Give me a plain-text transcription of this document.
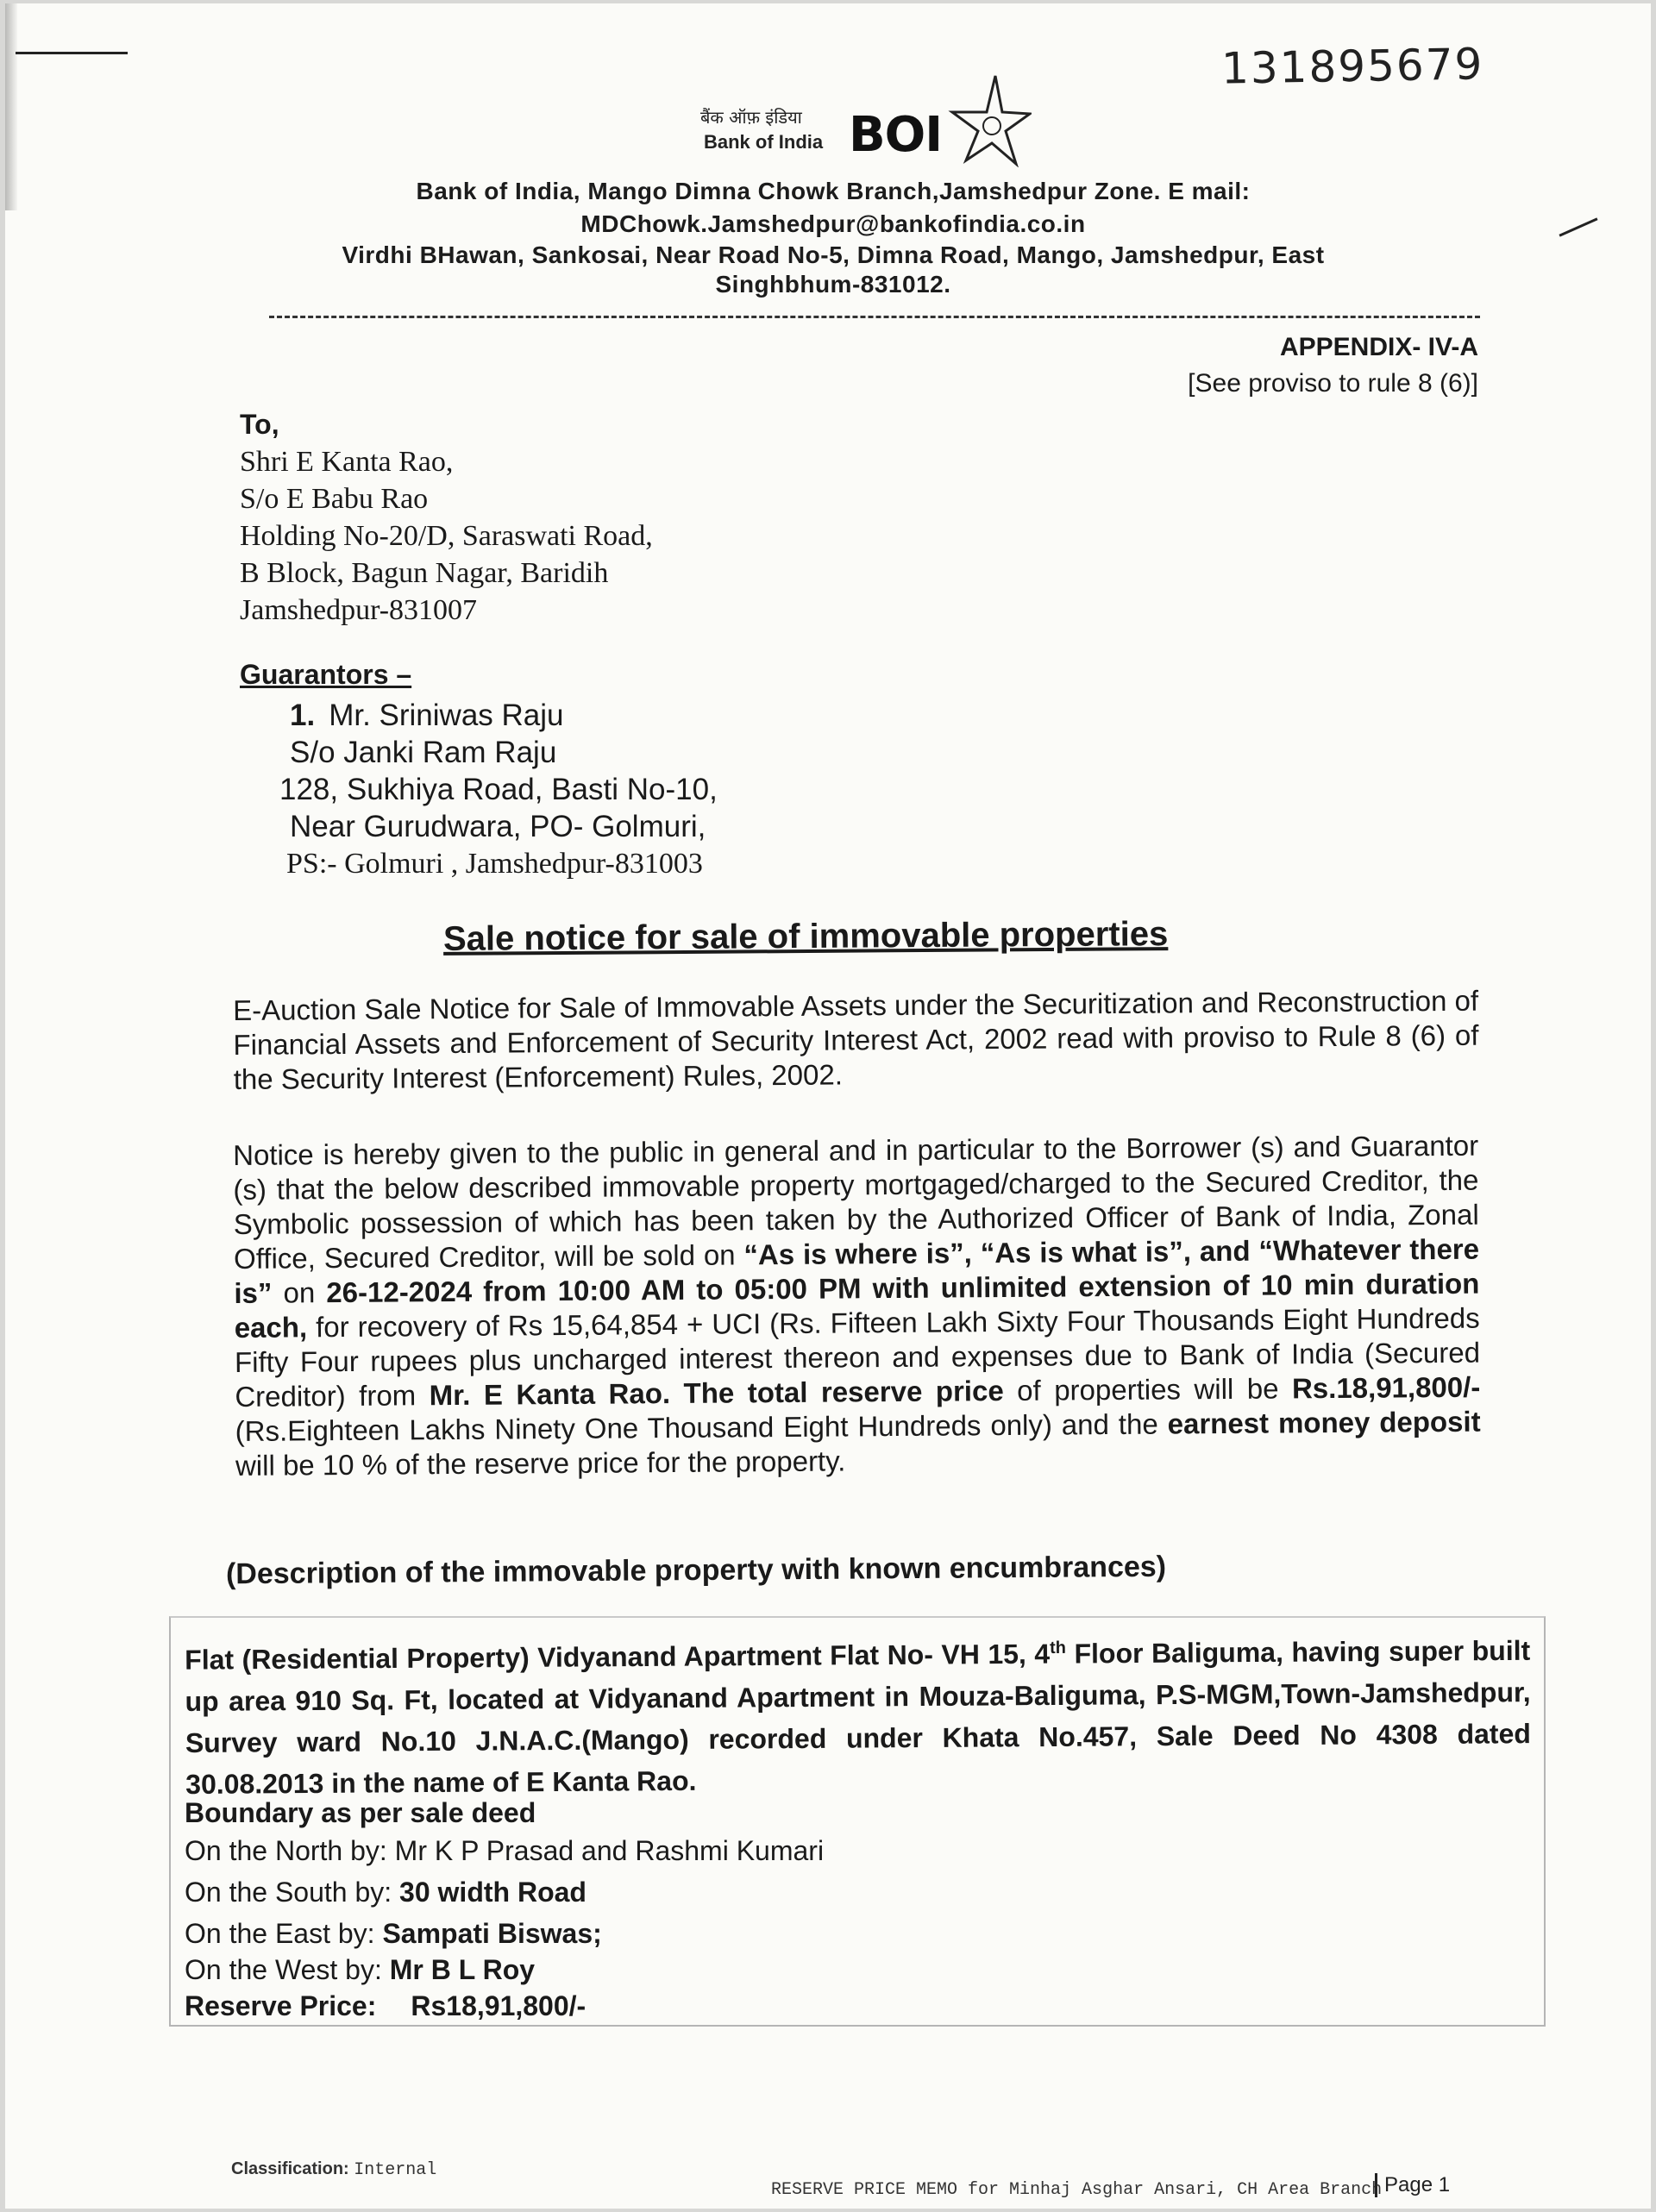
131895679
बैंक ऑफ़ इंडिया
Bank of India BOI
Bank of India, Mango Dimna Chowk Branch,Jamshedpur Zone. E mail:
MDChowk.Jamshedpur@bankofindia.co.in
Virdhi BHawan, Sankosai, Near Road No-5, Dimna Road, Mango, Jamshedpur, East
Singhbhum-831012.
APPENDIX- IV-A
[See proviso to rule 8 (6)]
To,
Shri E Kanta Rao,
S/o E Babu Rao
Holding No-20/D, Saraswati Road,
B Block, Bagun Nagar, Baridih
Jamshedpur-831007
Guarantors –
1. Mr. Sriniwas Raju
S/o Janki Ram Raju
128, Sukhiya Road, Basti No-10,
Near Gurudwara, PO- Golmuri,
PS:- Golmuri , Jamshedpur-831003
Sale notice for sale of immovable properties
E-Auction Sale Notice for Sale of Immovable Assets under the Securitization and Reconstruction of Financial Assets and Enforcement of Security Interest Act, 2002 read with proviso to Rule 8 (6) of the Security Interest (Enforcement) Rules, 2002.
Notice is hereby given to the public in general and in particular to the Borrower (s) and Guarantor (s) that the below described immovable property mortgaged/charged to the Secured Creditor, the Symbolic possession of which has been taken by the Authorized Officer of Bank of India, Zonal Office, Secured Creditor, will be sold on “As is where is”, “As is what is”, and “Whatever there is” on 26-12-2024 from 10:00 AM to 05:00 PM with unlimited extension of 10 min duration each, for recovery of Rs 15,64,854 + UCI (Rs. Fifteen Lakh Sixty Four Thousands Eight Hundreds Fifty Four rupees plus uncharged interest thereon and expenses due to Bank of India (Secured Creditor) from Mr. E Kanta Rao. The total reserve price of properties will be Rs.18,91,800/- (Rs.Eighteen Lakhs Ninety One Thousand Eight Hundreds only) and the earnest money deposit will be 10 % of the reserve price for the property.
(Description of the immovable property with known encumbrances)
Flat (Residential Property) Vidyanand Apartment Flat No- VH 15, 4th Floor Baliguma, having super built up area 910 Sq. Ft, located at Vidyanand Apartment in Mouza-Baliguma, P.S-MGM,Town-Jamshedpur, Survey ward No.10 J.N.A.C.(Mango) recorded under Khata No.457, Sale Deed No 4308 dated 30.08.2013 in the name of E Kanta Rao.
Boundary as per sale deed
On the North by: Mr K P Prasad and Rashmi Kumari
On the South by: 30 width Road
On the East by: Sampati Biswas;
On the West by: Mr B L Roy
Reserve Price: Rs18,91,800/-
Classification: Internal
RESERVE PRICE MEMO for Minhaj Asghar Ansari, CH Area Branch Page 1
